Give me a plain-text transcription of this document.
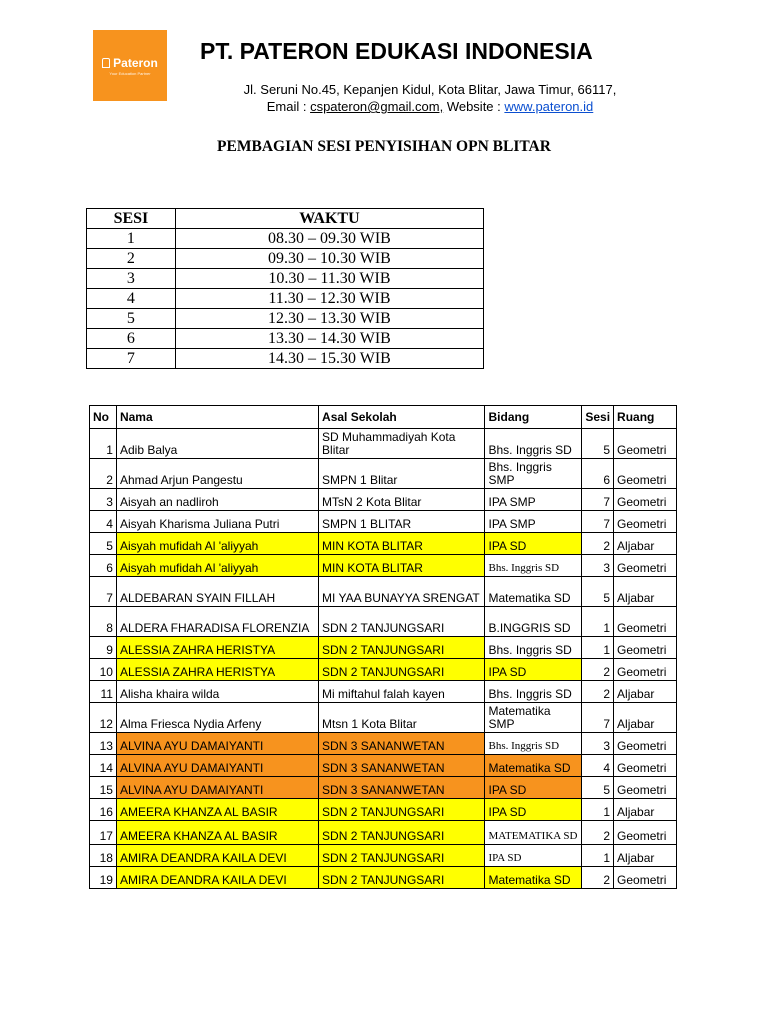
Pateron
Your Education Partner
PT. PATERON EDUKASI INDONESIA
Jl. Seruni No.45, Kepanjen Kidul, Kota Blitar, Jawa Timur, 66117,
Email : cspateron@gmail.com, Website : www.pateron.id
PEMBAGIAN SESI PENYISIHAN OPN BLITAR
SESI	WAKTU
1	08.30 – 09.30 WIB
2	09.30 – 10.30 WIB
3	10.30 – 11.30 WIB
4	11.30 – 12.30 WIB
5	12.30 – 13.30 WIB
6	13.30 – 14.30 WIB
7	14.30 – 15.30 WIB
No	Nama	Asal Sekolah	Bidang	Sesi	Ruang
1	Adib Balya	SD Muhammadiyah Kota Blitar	Bhs. Inggris SD	5	Geometri
2	Ahmad Arjun Pangestu	SMPN 1 Blitar	Bhs. Inggris SMP	6	Geometri
3	Aisyah an nadliroh	MTsN 2 Kota Blitar	IPA SMP	7	Geometri
4	Aisyah Kharisma Juliana Putri	SMPN 1 BLITAR	IPA SMP	7	Geometri
5	Aisyah mufidah Al 'aliyyah	MIN KOTA BLITAR	IPA SD	2	Aljabar
6	Aisyah mufidah Al 'aliyyah	MIN KOTA BLITAR	Bhs. Inggris SD	3	Geometri
7	ALDEBARAN SYAIN FILLAH	MI YAA BUNAYYA SRENGAT	Matematika SD	5	Aljabar
8	ALDERA FHARADISA FLORENZIA	SDN 2 TANJUNGSARI	B.INGGRIS SD	1	Geometri
9	ALESSIA ZAHRA HERISTYA	SDN 2 TANJUNGSARI	Bhs. Inggris SD	1	Geometri
10	ALESSIA ZAHRA HERISTYA	SDN 2 TANJUNGSARI	IPA SD	2	Geometri
11	Alisha khaira wilda	Mi miftahul falah kayen	Bhs. Inggris SD	2	Aljabar
12	Alma Friesca Nydia Arfeny	Mtsn 1 Kota Blitar	Matematika SMP	7	Aljabar
13	ALVINA AYU DAMAIYANTI	SDN 3 SANANWETAN	Bhs. Inggris SD	3	Geometri
14	ALVINA AYU DAMAIYANTI	SDN 3 SANANWETAN	Matematika SD	4	Geometri
15	ALVINA AYU DAMAIYANTI	SDN 3 SANANWETAN	IPA SD	5	Geometri
16	AMEERA KHANZA AL BASIR	SDN 2 TANJUNGSARI	IPA SD	1	Aljabar
17	AMEERA KHANZA AL BASIR	SDN 2 TANJUNGSARI	MATEMATIKA SD	2	Geometri
18	AMIRA DEANDRA KAILA DEVI	SDN 2 TANJUNGSARI	IPA SD	1	Aljabar
19	AMIRA DEANDRA KAILA DEVI	SDN 2 TANJUNGSARI	Matematika SD	2	Geometri
